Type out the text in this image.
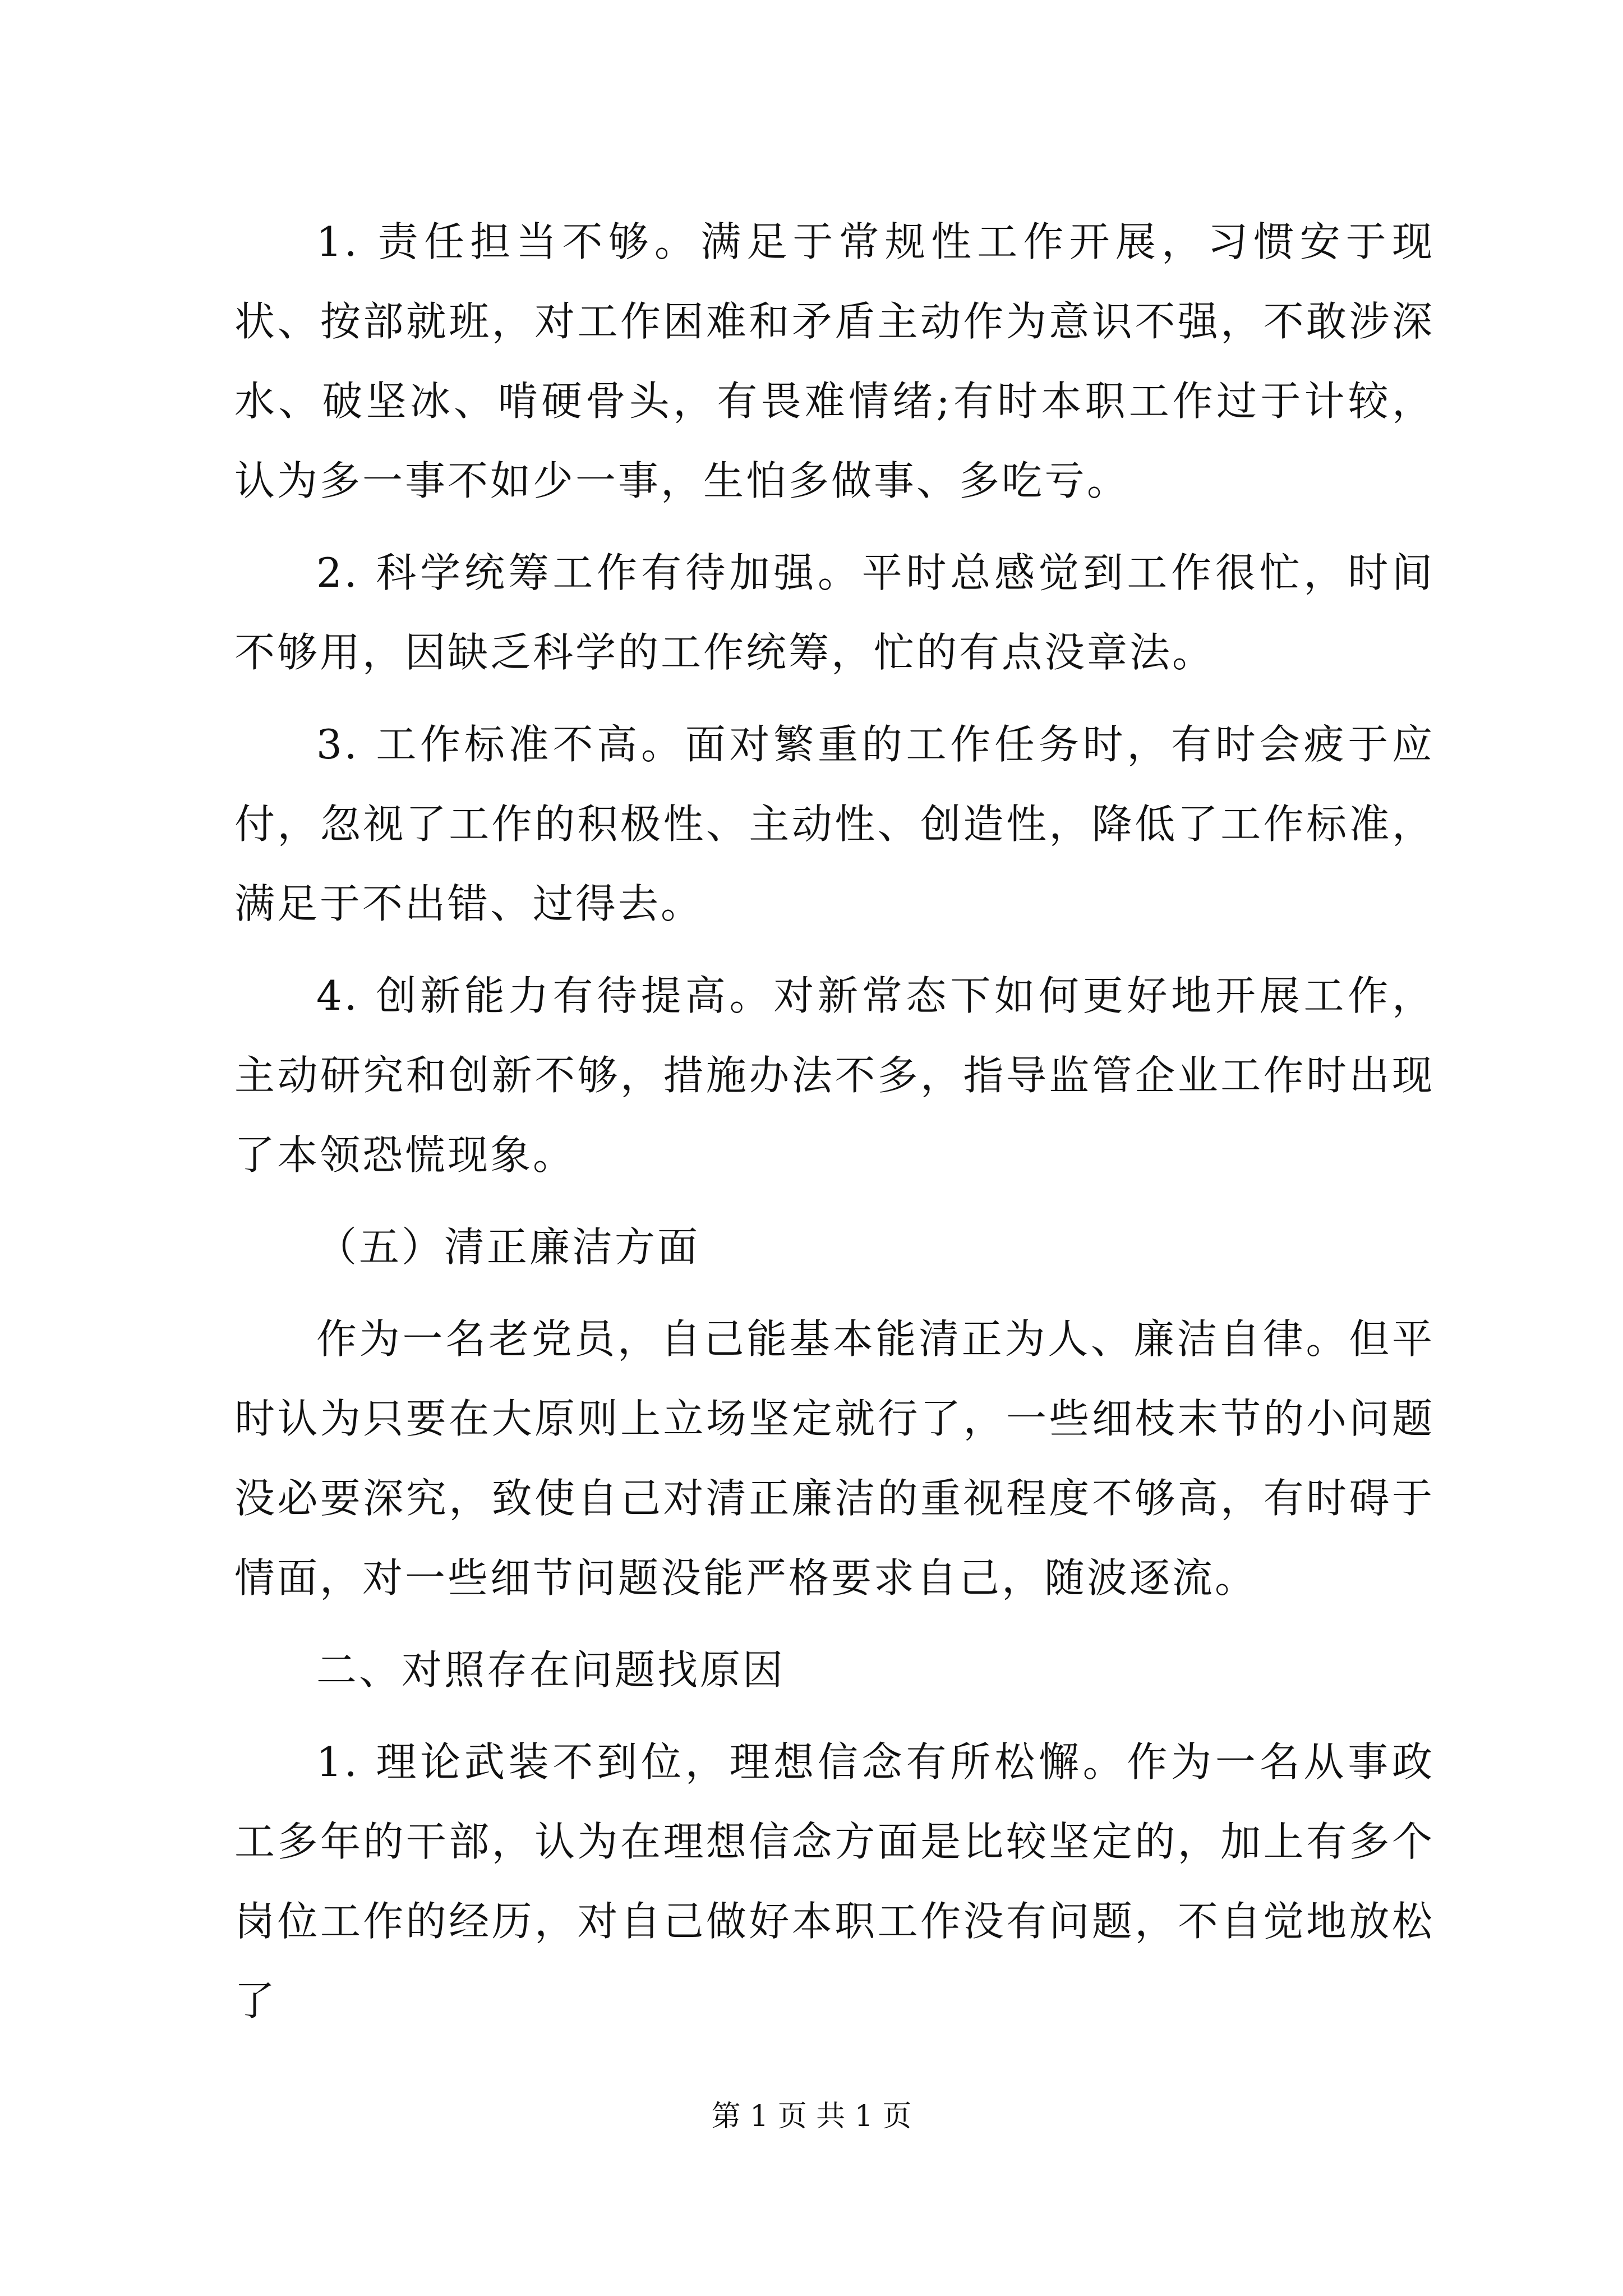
1. 责任担当不够。满足于常规性工作开展，习惯安于现状、按部就班，对工作困难和矛盾主动作为意识不强，不敢涉深水、破坚冰、啃硬骨头，有畏难情绪;有时本职工作过于计较，认为多一事不如少一事，生怕多做事、多吃亏。

2. 科学统筹工作有待加强。平时总感觉到工作很忙，时间不够用，因缺乏科学的工作统筹，忙的有点没章法。

3. 工作标准不高。面对繁重的工作任务时，有时会疲于应付，忽视了工作的积极性、主动性、创造性，降低了工作标准，满足于不出错、过得去。

4. 创新能力有待提高。对新常态下如何更好地开展工作，主动研究和创新不够，措施办法不多，指导监管企业工作时出现了本领恐慌现象。

（五）清正廉洁方面

作为一名老党员，自己能基本能清正为人、廉洁自律。但平时认为只要在大原则上立场坚定就行了，一些细枝末节的小问题没必要深究，致使自己对清正廉洁的重视程度不够高，有时碍于情面，对一些细节问题没能严格要求自己，随波逐流。

二、对照存在问题找原因

1. 理论武装不到位，理想信念有所松懈。作为一名从事政工多年的干部，认为在理想信念方面是比较坚定的，加上有多个岗位工作的经历，对自己做好本职工作没有问题，不自觉地放松了

第 1 页 共 1 页
